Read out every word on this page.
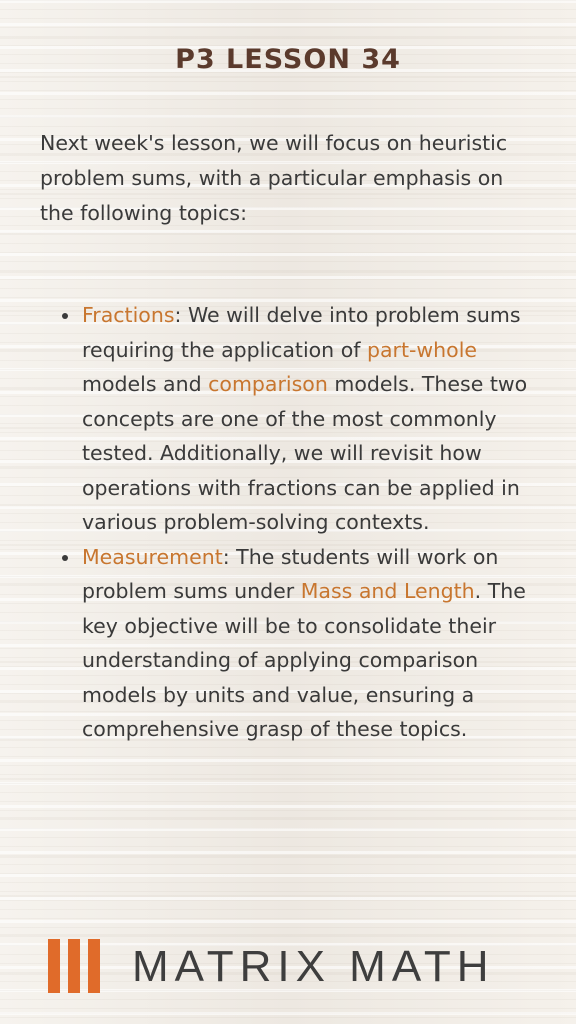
P3 LESSON 34
Next week's lesson, we will focus on heuristic problem sums, with a particular emphasis on the following topics:
Fractions: We will delve into problem sums requiring the application of part-whole models and comparison models. These two concepts are one of the most commonly tested. Additionally, we will revisit how operations with fractions can be applied in various problem-solving contexts.
Measurement: The students will work on problem sums under Mass and Length. The key objective will be to consolidate their understanding of applying comparison models by units and value, ensuring a comprehensive grasp of these topics.
MATRIX MATH
